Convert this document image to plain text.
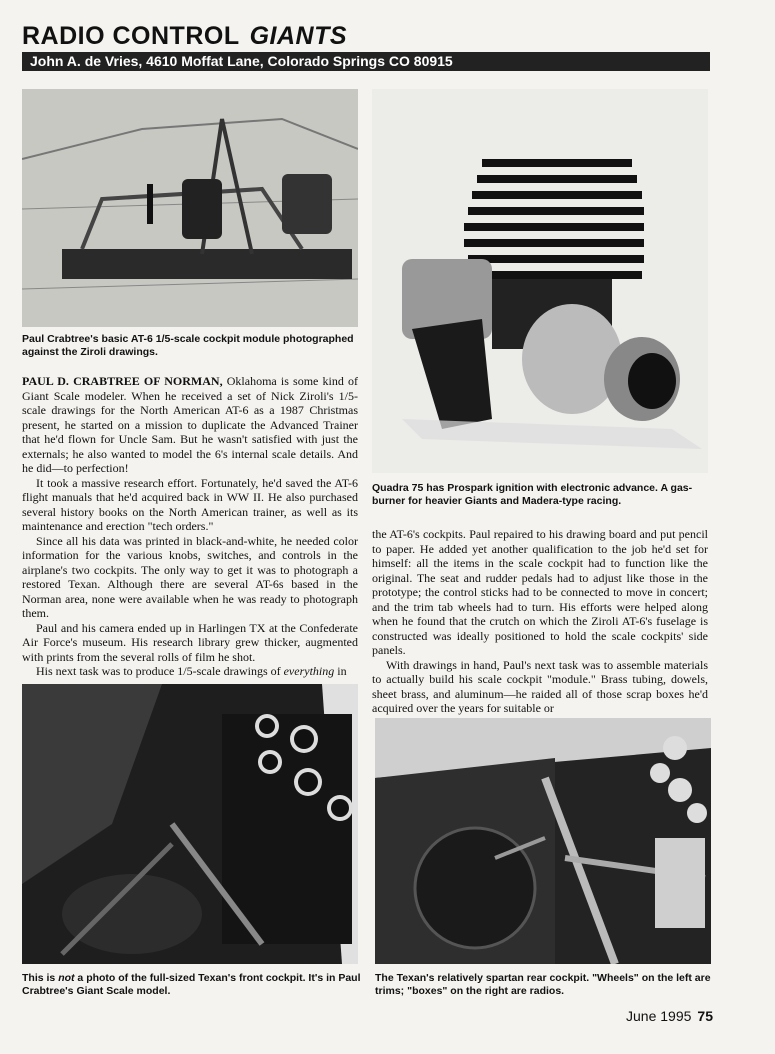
RADIO CONTROL GIANTS
John A. de Vries, 4610 Moffat Lane, Colorado Springs CO 80915
Paul Crabtree's basic AT-6 1/5-scale cockpit module photographed against the Ziroli drawings.
Quadra 75 has Prospark ignition with electronic advance. A gas-burner for heavier Giants and Madera-type racing.

PAUL D. CRABTREE OF NORMAN, Oklahoma is some kind of Giant Scale modeler. When he received a set of Nick Ziroli's 1/5-scale drawings for the North American AT-6 as a 1987 Christmas present, he started on a mission to duplicate the Advanced Trainer that he'd flown for Uncle Sam. But he wasn't satisfied with just the externals; he also wanted to model the 6's internal scale details. And he did—to perfection!

It took a massive research effort. Fortunately, he'd saved the AT-6 flight manuals that he'd acquired back in WW II. He also purchased several history books on the North American trainer, as well as its maintenance and erection "tech orders."

Since all his data was printed in black-and-white, he needed color information for the various knobs, switches, and controls in the airplane's two cockpits. The only way to get it was to photograph a restored Texan. Although there are several AT-6s based in the Norman area, none were available when he was ready to photograph them.

Paul and his camera ended up in Harlingen TX at the Confederate Air Force's museum. His research library grew thicker, augmented with prints from the several rolls of film he shot.

His next task was to produce 1/5-scale drawings of everything in

the AT-6's cockpits. Paul repaired to his drawing board and put pencil to paper. He added yet another qualification to the job he'd set for himself: all the items in the scale cockpit had to function like the original. The seat and rudder pedals had to adjust like those in the prototype; the control sticks had to be connected to move in concert; and the trim tab wheels had to turn. His efforts were helped along when he found that the crutch on which the Ziroli AT-6's fuselage is constructed was ideally positioned to hold the scale cockpits' side panels.

With drawings in hand, Paul's next task was to assemble materials to actually build his scale cockpit "module." Brass tubing, dowels, sheet brass, and aluminum—he raided all of those scrap boxes he'd acquired over the years for suitable or

This is not a photo of the full-sized Texan's front cockpit. It's in Paul Crabtree's Giant Scale model.
The Texan's relatively spartan rear cockpit. "Wheels" on the left are trims; "boxes" on the right are radios.
June 1995 75
